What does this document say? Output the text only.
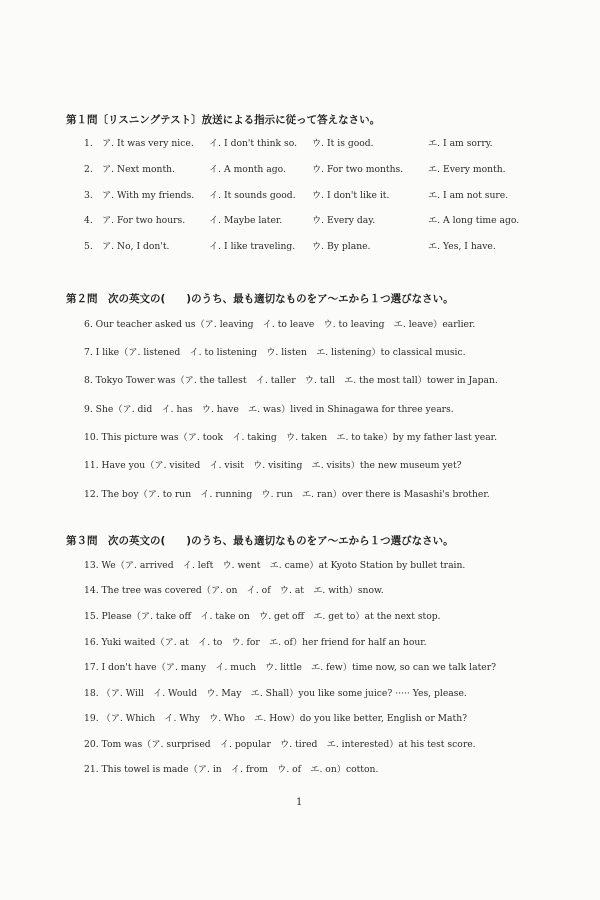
第１問〔リスニングテスト〕放送による指示に従って答えなさい。
1. ア. It was very nice. イ. I don't think so. ウ. It is good.	エ. I am sorry.
2. ア. Next month.	イ. A month ago.	ウ. For two months.	エ. Every month.
3. ア. With my friends. イ. It sounds good. ウ. I don't like it.	エ. I am not sure.
4. ア. For two hours.	イ. Maybe later.	ウ. Every day.	エ. A long time ago.
5. ア. No, I don't.	イ. I like traveling. ウ. By plane.	エ. Yes, I have.
第２問　次の英文の(　　)のうち、最も適切なものをア～エから１つ選びなさい。
6. Our teacher asked us（ア. leaving　イ. to leave　ウ. to leaving　エ. leave）earlier.
7. I like（ア. listened　イ. to listening　ウ. listen　エ. listening）to classical music.
8. Tokyo Tower was（ア. the tallest　イ. taller　ウ. tall　エ. the most tall）tower in Japan.
9. She（ア. did　イ. has　ウ. have　エ. was）lived in Shinagawa for three years.
10. This picture was（ア. took　イ. taking　ウ. taken　エ. to take）by my father last year.
11. Have you（ア. visited　イ. visit　ウ. visiting　エ. visits）the new museum yet?
12. The boy（ア. to run　イ. running　ウ. run　エ. ran）over there is Masashi's brother.
第３問　次の英文の(　　)のうち、最も適切なものをア～エから１つ選びなさい。
13. We（ア. arrived　イ. left　ウ. went　エ. came）at Kyoto Station by bullet train.
14. The tree was covered（ア. on　イ. of　ウ. at　エ. with）snow.
15. Please（ア. take off　イ. take on　ウ. get off　エ. get to）at the next stop.
16. Yuki waited（ア. at　イ. to　ウ. for　エ. of）her friend for half an hour.
17. I don't have（ア. many　イ. much　ウ. little　エ. few）time now, so can we talk later?
18. （ア. Will　イ. Would　ウ. May　エ. Shall）you like some juice? ····· Yes, please.
19. （ア. Which　イ. Why　ウ. Who　エ. How）do you like better, English or Math?
20. Tom was（ア. surprised　イ. popular　ウ. tired　エ. interested）at his test score.
21. This towel is made（ア. in　イ. from　ウ. of　エ. on）cotton.
1
